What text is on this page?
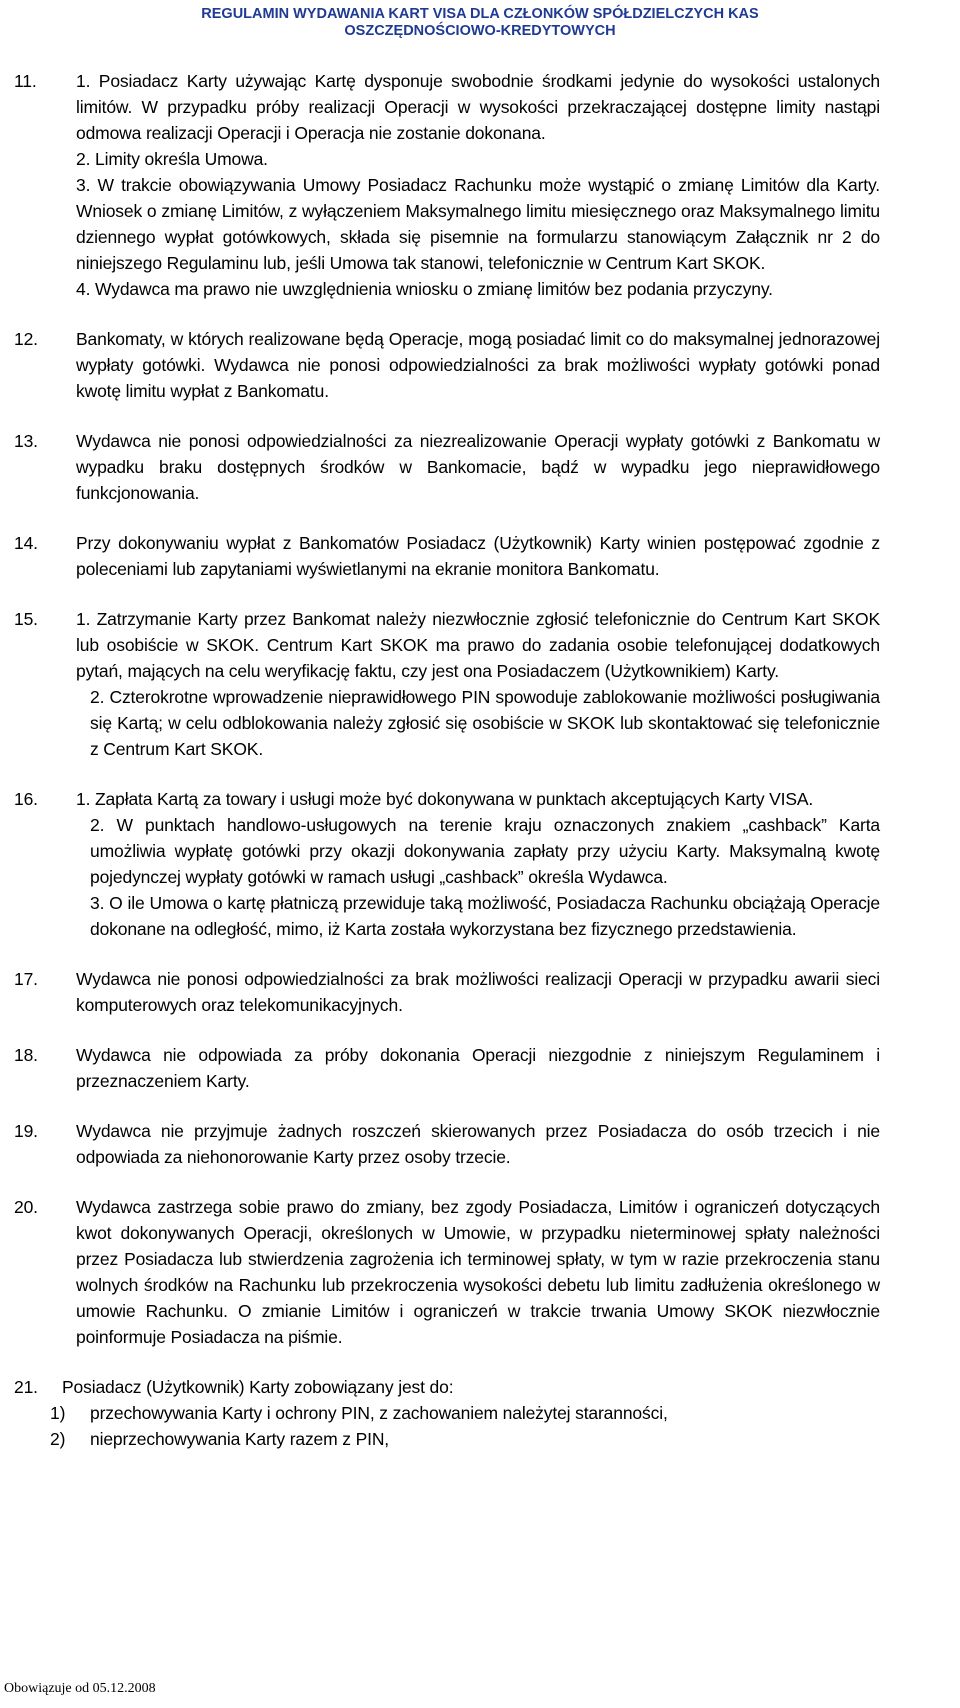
REGULAMIN WYDAWANIA KART VISA DLA CZŁONKÓW SPÓŁDZIELCZYCH KAS
OSZCZĘDNOŚCIOWO-KREDYTOWYCH
11.	1. Posiadacz Karty używając Kartę dysponuje swobodnie środkami jedynie do wysokości ustalonych limitów. W przypadku próby realizacji Operacji w wysokości przekraczającej dostępne limity nastąpi odmowa realizacji Operacji i Operacja nie zostanie dokonana.

2. Limity określa Umowa.

3. W trakcie obowiązywania Umowy Posiadacz Rachunku może wystąpić o zmianę Limitów dla Karty. Wniosek o zmianę Limitów, z wyłączeniem Maksymalnego limitu miesięcznego oraz Maksymalnego limitu dziennego wypłat gotówkowych, składa się pisemnie na formularzu stanowiącym Załącznik nr 2 do niniejszego Regulaminu lub, jeśli Umowa tak stanowi, telefonicznie w Centrum Kart SKOK.

4. Wydawca ma prawo nie uwzględnienia wniosku o zmianę limitów bez podania przyczyny.

12.	Bankomaty, w których realizowane będą Operacje, mogą posiadać limit co do maksymalnej jednorazowej wypłaty gotówki. Wydawca nie ponosi odpowiedzialności za brak możliwości wypłaty gotówki ponad kwotę limitu wypłat z Bankomatu.

13.	Wydawca nie ponosi odpowiedzialności za niezrealizowanie Operacji wypłaty gotówki z Bankomatu w wypadku braku dostępnych środków w Bankomacie, bądź w wypadku jego nieprawidłowego funkcjonowania.

14.	Przy dokonywaniu wypłat z Bankomatów Posiadacz (Użytkownik) Karty winien postępować zgodnie z poleceniami lub zapytaniami wyświetlanymi na ekranie monitora Bankomatu.

15.	1. Zatrzymanie Karty przez Bankomat należy niezwłocznie zgłosić telefonicznie do Centrum Kart SKOK lub osobiście w SKOK. Centrum Kart SKOK ma prawo do zadania osobie telefonującej dodatkowych pytań, mających na celu weryfikację faktu, czy jest ona Posiadaczem (Użytkownikiem) Karty.

2. Czterokrotne wprowadzenie nieprawidłowego PIN spowoduje zablokowanie możliwości posługiwania się Kartą; w celu odblokowania należy zgłosić się osobiście w SKOK lub skontaktować się telefonicznie z Centrum Kart SKOK.

16.	1. Zapłata Kartą za towary i usługi może być dokonywana w punktach akceptujących Karty VISA.

2. W punktach handlowo-usługowych na terenie kraju oznaczonych znakiem „cashback” Karta umożliwia wypłatę gotówki przy okazji dokonywania zapłaty przy użyciu Karty. Maksymalną kwotę pojedynczej wypłaty gotówki w ramach usługi „cashback” określa Wydawca.

3. O ile Umowa o kartę płatniczą przewiduje taką możliwość, Posiadacza Rachunku obciążają Operacje dokonane na odległość, mimo, iż Karta została wykorzystana bez fizycznego przedstawienia.

17.	Wydawca nie ponosi odpowiedzialności za brak możliwości realizacji Operacji w przypadku awarii sieci komputerowych oraz telekomunikacyjnych.

18.	Wydawca nie odpowiada za próby dokonania Operacji niezgodnie z niniejszym Regulaminem i przeznaczeniem Karty.

19.	Wydawca nie przyjmuje żadnych roszczeń skierowanych przez Posiadacza do osób trzecich i nie odpowiada za niehonorowanie Karty przez osoby trzecie.

20.	Wydawca zastrzega sobie prawo do zmiany, bez zgody Posiadacza, Limitów i ograniczeń dotyczących kwot dokonywanych Operacji, określonych w Umowie, w przypadku nieterminowej spłaty należności przez Posiadacza lub stwierdzenia zagrożenia ich terminowej spłaty, w tym w razie przekroczenia stanu wolnych środków na Rachunku lub przekroczenia wysokości debetu lub limitu zadłużenia określonego w umowie Rachunku. O zmianie Limitów i ograniczeń w trakcie trwania Umowy SKOK niezwłocznie poinformuje Posiadacza na piśmie.

21.	Posiadacz (Użytkownik) Karty zobowiązany jest do:

1)	przechowywania Karty i ochrony PIN, z zachowaniem należytej staranności,
2)	nieprzechowywania Karty razem z PIN,
Obowiązuje od 05.12.2008
